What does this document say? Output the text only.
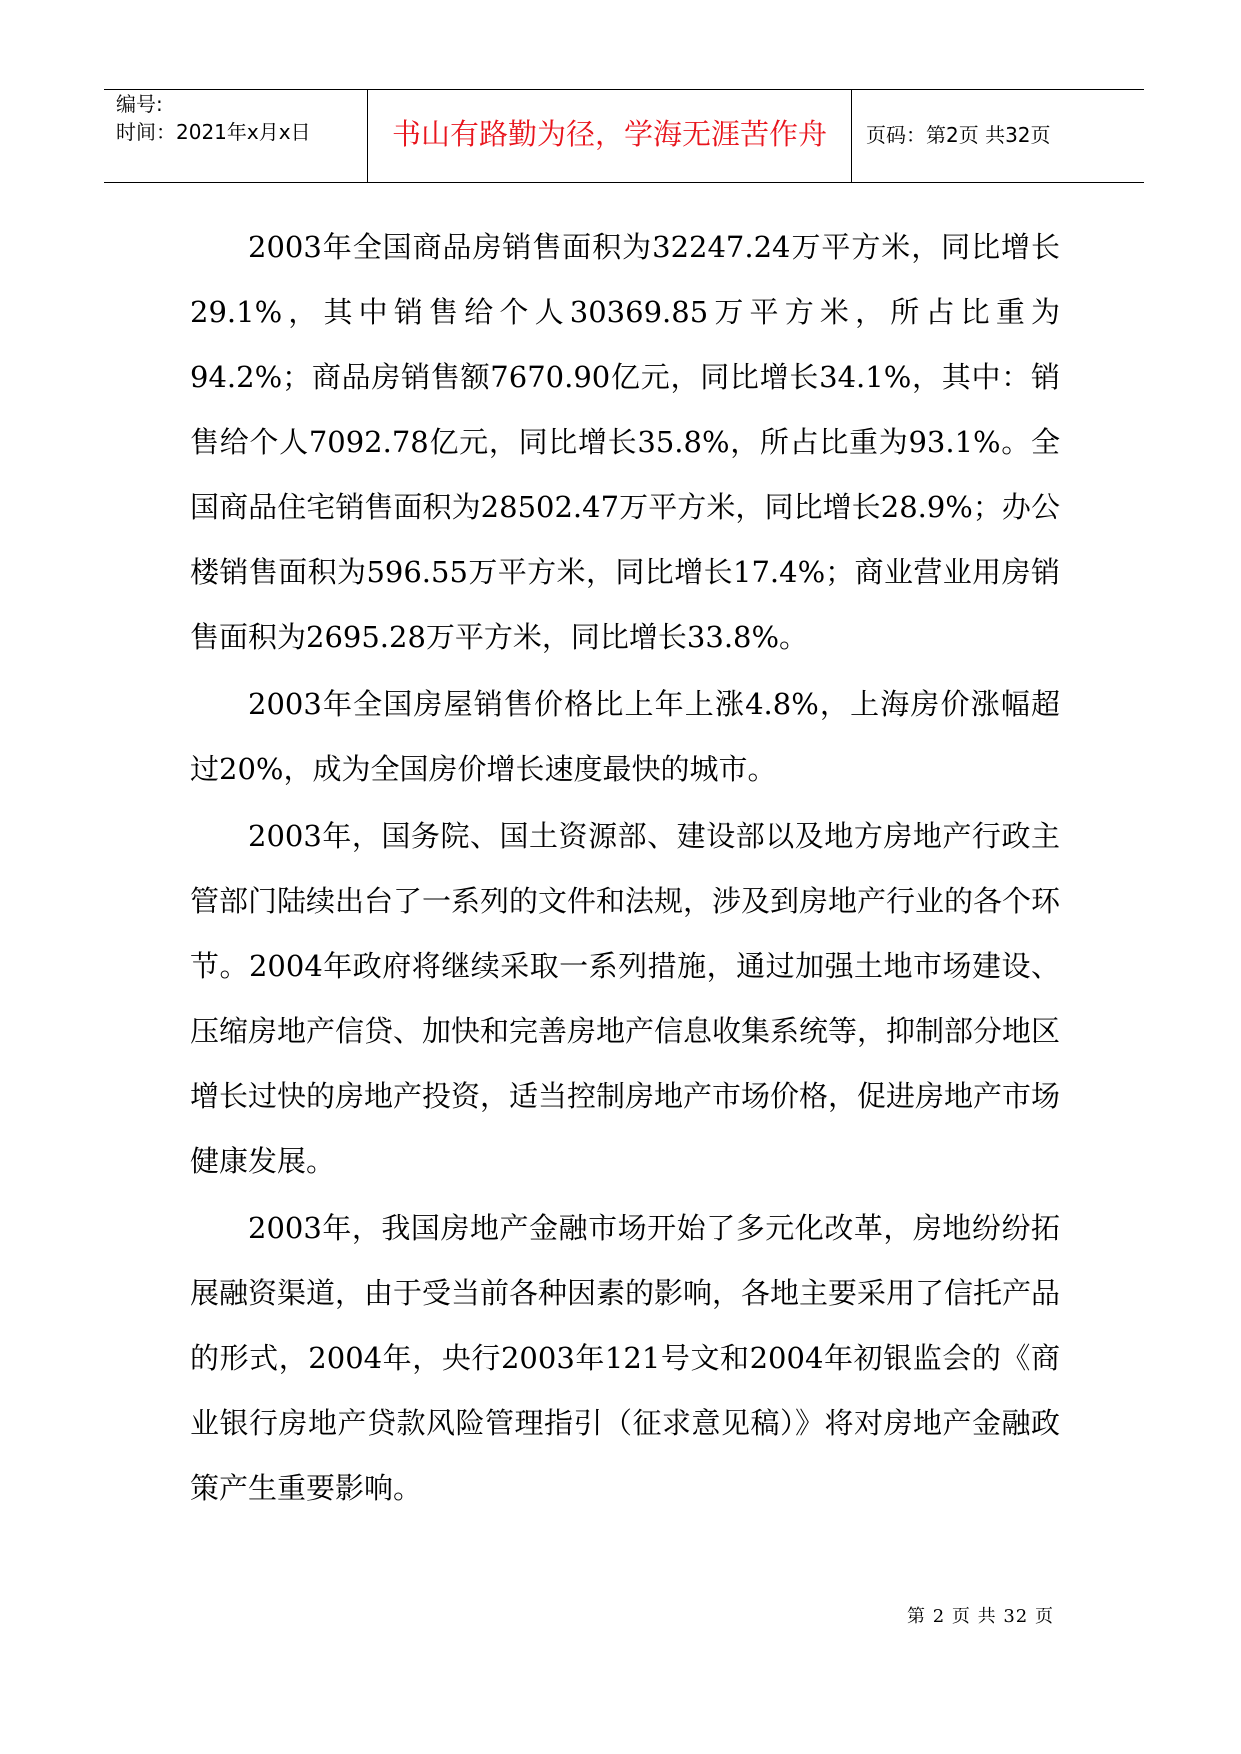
编号:
时间：2021年x月x日	书山有路勤为径，学海无涯苦作舟	页码：第2页 共32页

2003年全国商品房销售面积为32247.24万平方米，同比增长29.1%，其中销售给个人30369.85万平方米，所占比重为94.2%；商品房销售额7670.90亿元，同比增长34.1%，其中：销售给个人7092.78亿元，同比增长35.8%，所占比重为93.1%。全国商品住宅销售面积为28502.47万平方米，同比增长28.9%；办公楼销售面积为596.55万平方米，同比增长17.4%；商业营业用房销售面积为2695.28万平方米，同比增长33.8%。

2003年全国房屋销售价格比上年上涨4.8%，上海房价涨幅超过20%，成为全国房价增长速度最快的城市。

2003年，国务院、国土资源部、建设部以及地方房地产行政主管部门陆续出台了一系列的文件和法规，涉及到房地产行业的各个环节。2004年政府将继续采取一系列措施，通过加强土地市场建设、压缩房地产信贷、加快和完善房地产信息收集系统等，抑制部分地区增长过快的房地产投资，适当控制房地产市场价格，促进房地产市场健康发展。

2003年，我国房地产金融市场开始了多元化改革，房地纷纷拓展融资渠道，由于受当前各种因素的影响，各地主要采用了信托产品的形式，2004年，央行2003年121号文和2004年初银监会的《商业银行房地产贷款风险管理指引（征求意见稿）》将对房地产金融政策产生重要影响。

第 2 页 共 32 页
